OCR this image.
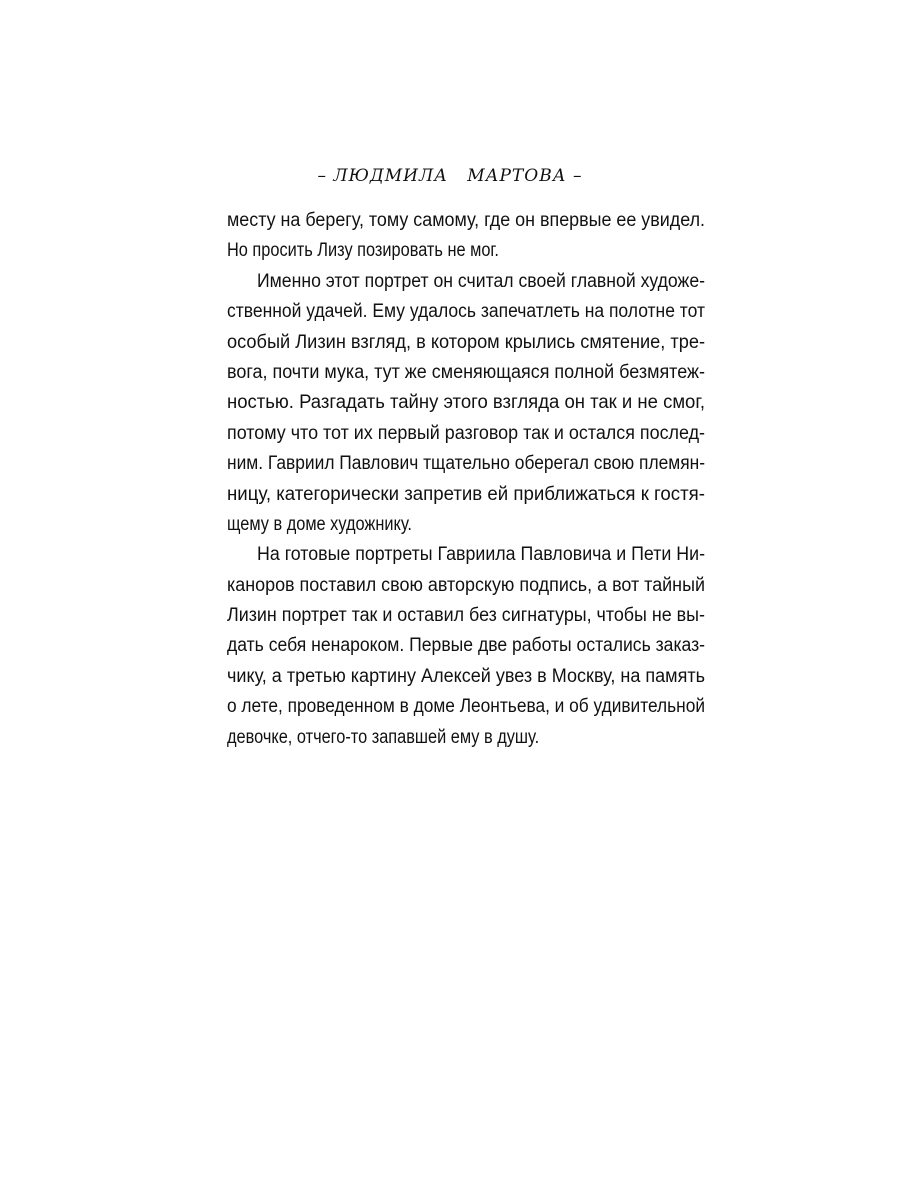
– ЛЮДМИЛА   МАРТОВА –
месту на берегу, тому самому, где он впервые ее увидел.
Но просить Лизу позировать не мог.
Именно этот портрет он считал своей главной художе-
ственной удачей. Ему удалось запечатлеть на полотне тот
особый Лизин взгляд, в котором крылись смятение, тре-
вога, почти мука, тут же сменяющаяся полной безмятеж-
ностью. Разгадать тайну этого взгляда он так и не смог,
потому что тот их первый разговор так и остался послед-
ним. Гавриил Павлович тщательно оберегал свою племян-
ницу, категорически запретив ей приближаться к гостя-
щему в доме художнику.
На готовые портреты Гавриила Павловича и Пети Ни-
каноров поставил свою авторскую подпись, а вот тайный
Лизин портрет так и оставил без сигнатуры, чтобы не вы-
дать себя ненароком. Первые две работы остались заказ-
чику, а третью картину Алексей увез в Москву, на память
о лете, проведенном в доме Леонтьева, и об удивительной
девочке, отчего-то запавшей ему в душу.
